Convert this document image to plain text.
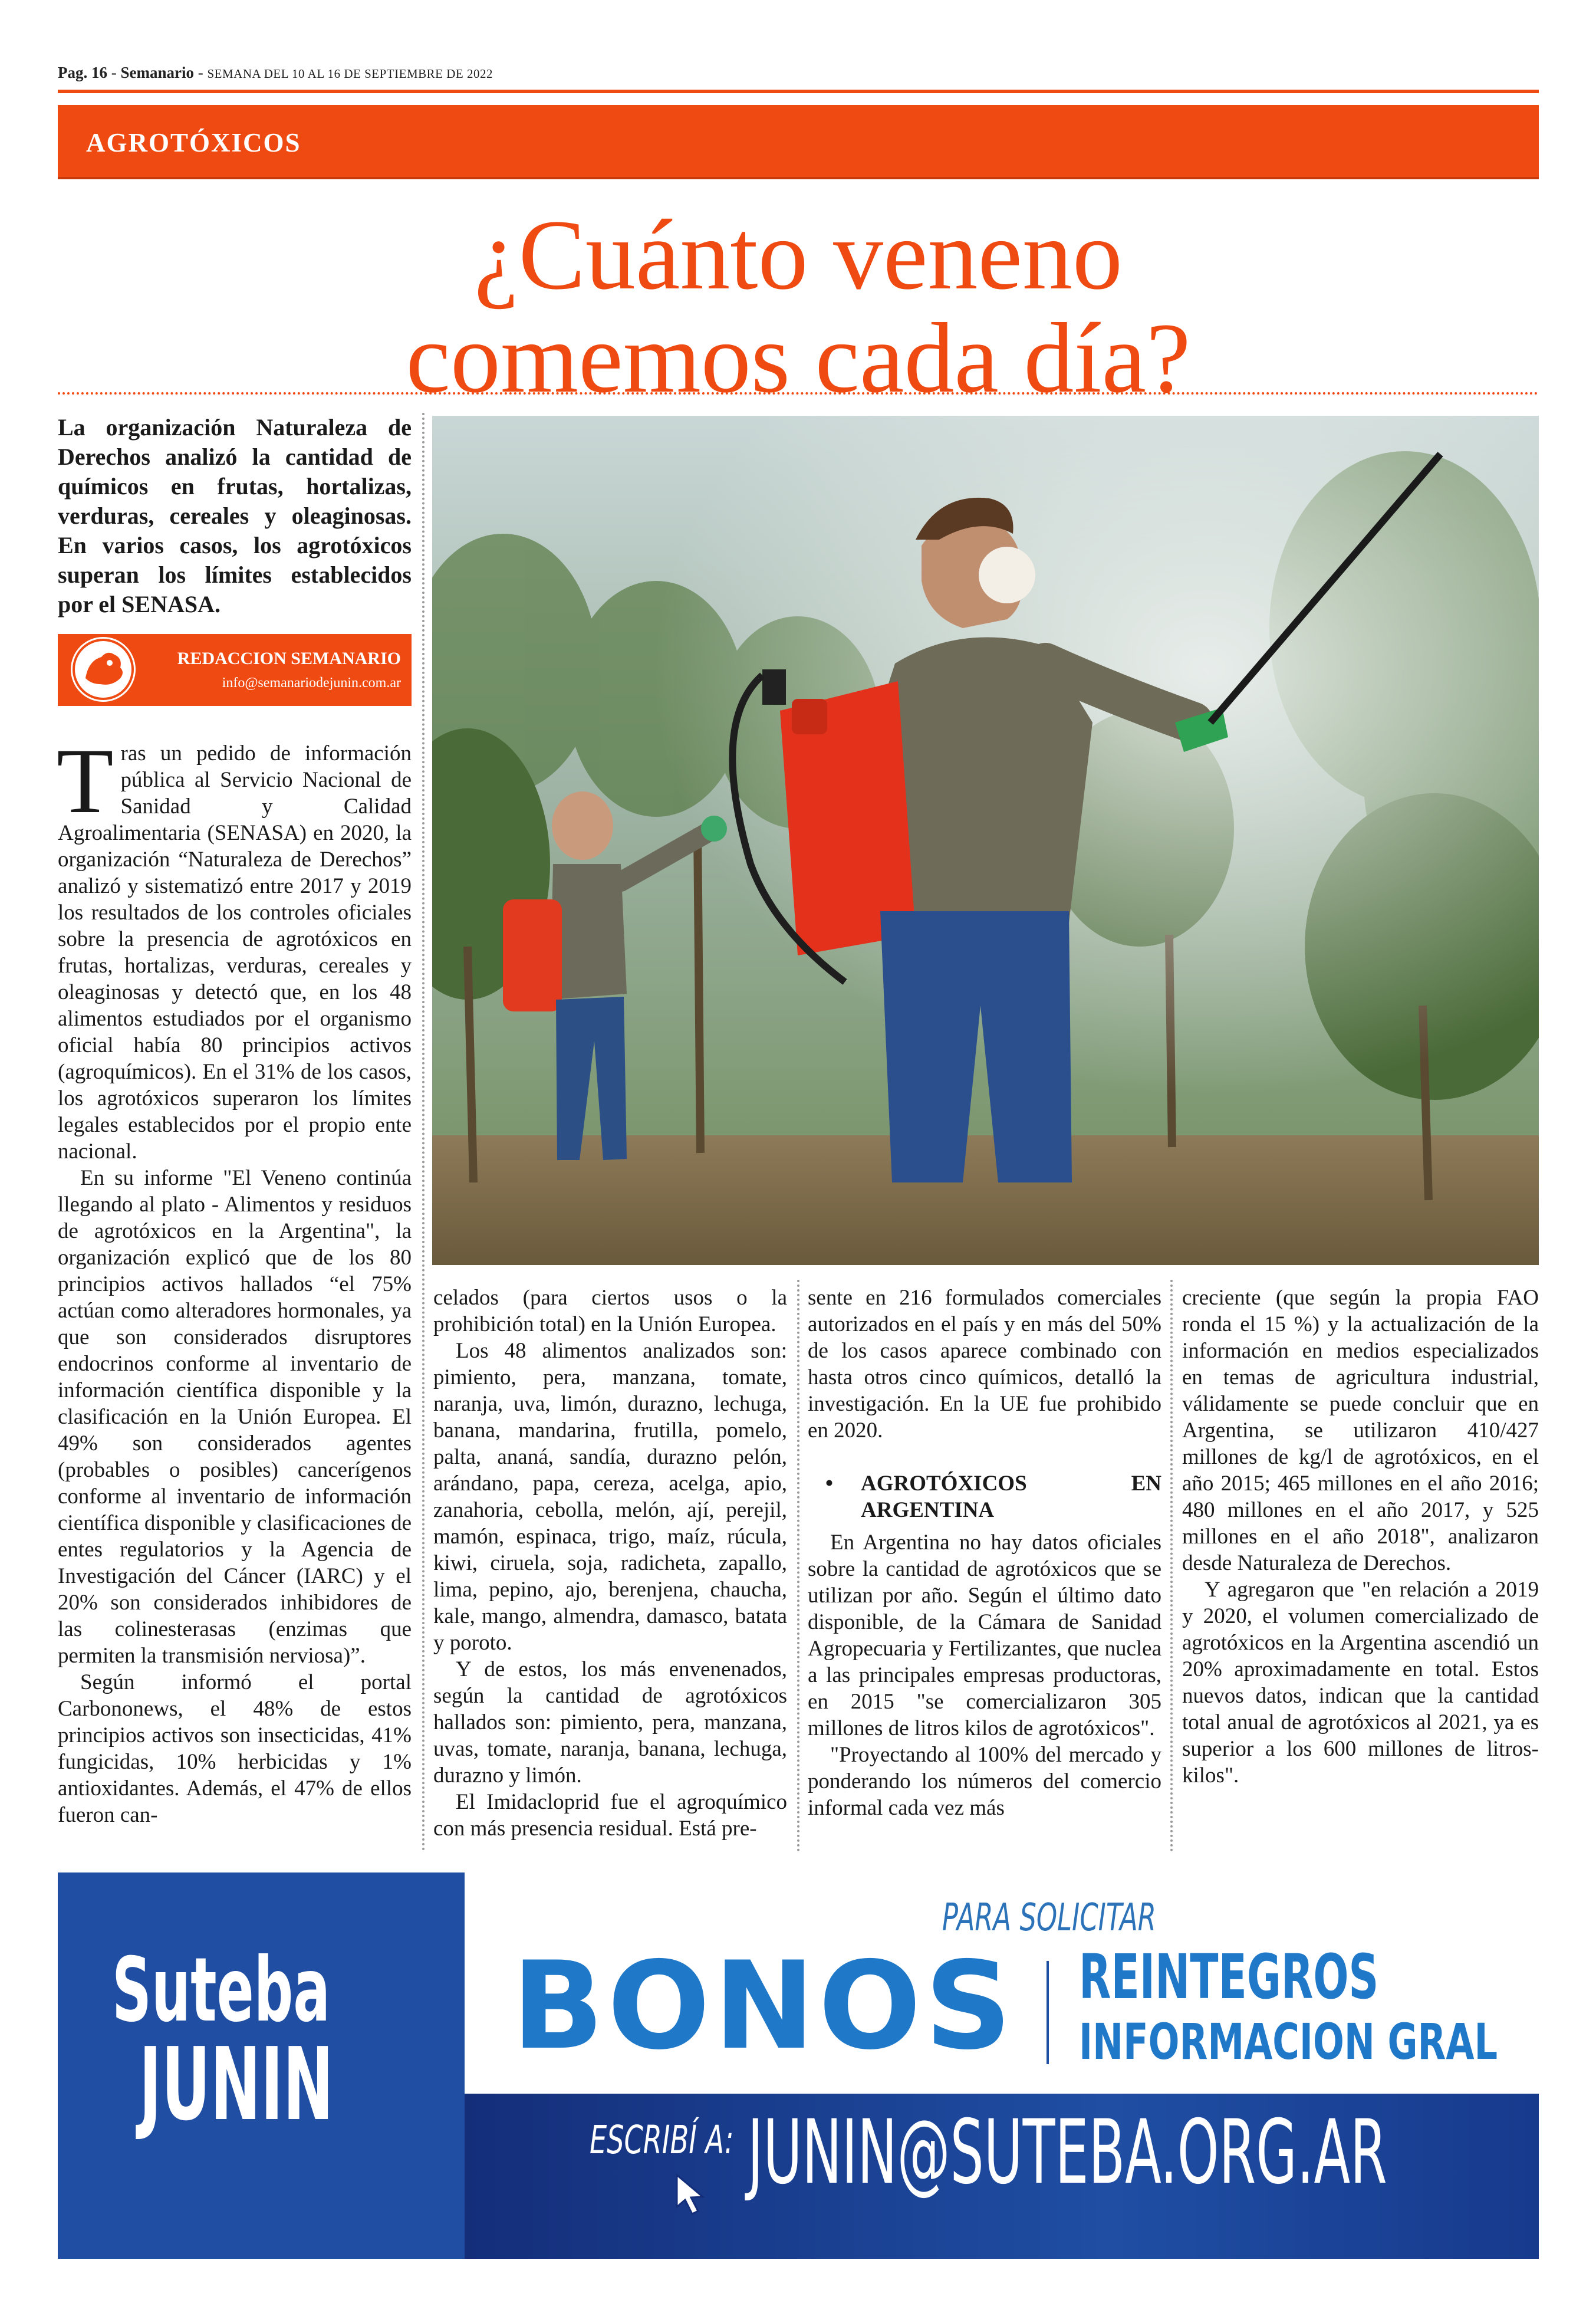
Pag. 16 - Semanario - SEMANA DEL 10 AL 16 DE SEPTIEMBRE DE 2022
AGROTÓXICOS
¿Cuánto veneno
comemos cada día?
La organización Naturaleza de Derechos analizó la cantidad de químicos en frutas, hortalizas, verduras, cereales y oleaginosas. En varios casos, los agrotóxicos superan los límites establecidos por el SENASA.
REDACCION SEMANARIO
info@semanariodejunin.com.ar

Tras un pedido de información pública al Servicio Nacional de Sanidad y Calidad Agroalimentaria (SENASA) en 2020, la organización “Naturaleza de Derechos” analizó y sistematizó entre 2017 y 2019 los resultados de los controles oficiales sobre la presencia de agrotóxicos en frutas, hortalizas, verduras, cereales y oleaginosas y detectó que, en los 48 alimentos estudiados por el organismo oficial había 80 principios activos (agroquímicos). En el 31% de los casos, los agrotóxicos superaron los límites legales establecidos por el propio ente nacional.

En su informe "El Veneno continúa llegando al plato - Alimentos y residuos de agrotóxicos en la Argentina", la organización explicó que de los 80 principios activos hallados “el 75% actúan como alteradores hormonales, ya que son considerados disruptores endocrinos conforme al inventario de información científica disponible y la clasificación en la Unión Europea. El 49% son considerados agentes (probables o posibles) cancerígenos conforme al inventario de información científica disponible y clasificaciones de entes regulatorios y la Agencia de Investigación del Cáncer (IARC) y el 20% son considerados inhibidores de las colinesterasas (enzimas que permiten la transmisión nerviosa)”.

Según informó el portal Carbononews, el 48% de estos principios activos son insecticidas, 41% fungicidas, 10% herbicidas y 1% antioxidantes. Además, el 47% de ellos fueron can-

celados (para ciertos usos o la prohibición total) en la Unión Europea.

Los 48 alimentos analizados son: pimiento, pera, manzana, tomate, naranja, uva, limón, durazno, lechuga, banana, mandarina, frutilla, pomelo, palta, ananá, sandía, durazno pelón, arándano, papa, cereza, acelga, apio, zanahoria, cebolla, melón, ají, perejil, mamón, espinaca, trigo, maíz, rúcula, kiwi, ciruela, soja, radicheta, zapallo, lima, pepino, ajo, berenjena, chaucha, kale, mango, almendra, damasco, batata y poroto.

Y de estos, los más envenenados, según la cantidad de agrotóxicos hallados son: pimiento, pera, manzana, uvas, tomate, naranja, banana, lechuga, durazno y limón.

El Imidacloprid fue el agroquímico con más presencia residual. Está pre-

sente en 216 formulados comerciales autorizados en el país y en más del 50% de los casos aparece combinado con hasta otros cinco químicos, detalló la investigación. En la UE fue prohibido en 2020.

• AGROTÓXICOS EN ARGENTINA

En Argentina no hay datos oficiales sobre la cantidad de agrotóxicos que se utilizan por año. Según el último dato disponible, de la Cámara de Sanidad Agropecuaria y Fertilizantes, que nuclea a las principales empresas productoras, en 2015 "se comercializaron 305 millones de litros kilos de agrotóxicos".

"Proyectando al 100% del mercado y ponderando los números del comercio informal cada vez más

creciente (que según la propia FAO ronda el 15 %) y la actualización de la información en medios especializados en temas de agricultura industrial, válidamente se puede concluir que en Argentina, se utilizaron 410/427 millones de kg/l de agrotóxicos, en el año 2015; 465 millones en el año 2016; 480 millones en el año 2017, y 525 millones en el año 2018", analizaron desde Naturaleza de Derechos.

Y agregaron que "en relación a 2019 y 2020, el volumen comercializado de agrotóxicos en la Argentina ascendió un 20% aproximadamente en total. Estos nuevos datos, indican que la cantidad total anual de agrotóxicos al 2021, ya es superior a los 600 millones de litros-kilos".

Suteba
JUNIN
PARA SOLICITAR
BONOS REINTEGROS
INFORMACION GRAL
ESCRIBÍ A: JUNIN@SUTEBA.ORG.AR
